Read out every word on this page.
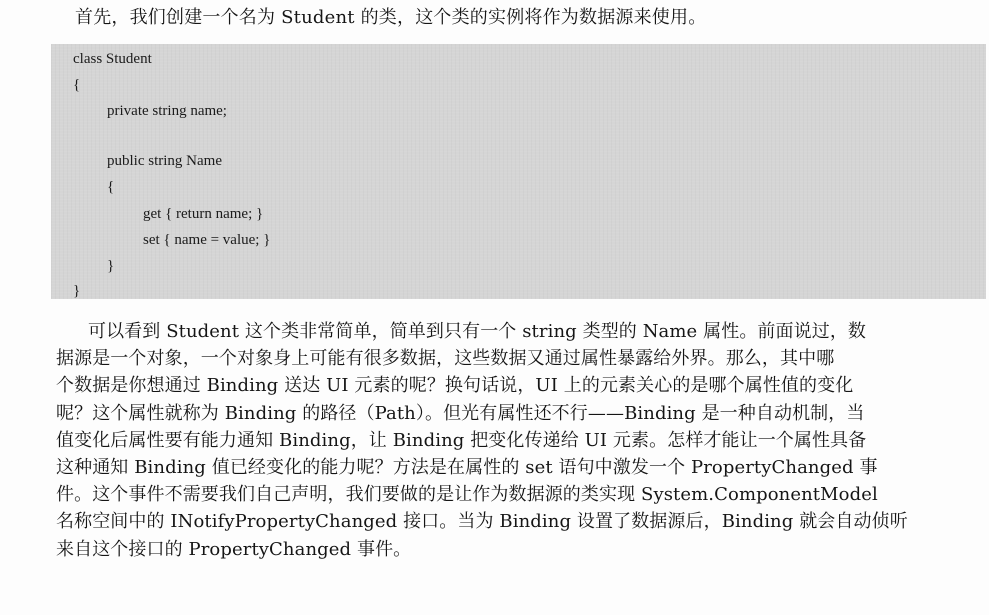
首先，我们创建一个名为 Student 的类，这个类的实例将作为数据源来使用。
class Student
{
private string name;
public string Name
{
get { return name; }
set { name = value; }
}
}
可以看到 Student 这个类非常简单，简单到只有一个 string 类型的 Name 属性。前面说过，数
据源是一个对象，一个对象身上可能有很多数据，这些数据又通过属性暴露给外界。那么，其中哪
个数据是你想通过 Binding 送达 UI 元素的呢？换句话说，UI 上的元素关心的是哪个属性值的变化
呢？这个属性就称为 Binding 的路径（Path）。但光有属性还不行——Binding 是一种自动机制，当
值变化后属性要有能力通知 Binding，让 Binding 把变化传递给 UI 元素。怎样才能让一个属性具备
这种通知 Binding 值已经变化的能力呢？方法是在属性的 set 语句中激发一个 PropertyChanged 事
件。这个事件不需要我们自己声明，我们要做的是让作为数据源的类实现 System.ComponentModel
名称空间中的 INotifyPropertyChanged 接口。当为 Binding 设置了数据源后，Binding 就会自动侦听
来自这个接口的 PropertyChanged 事件。
